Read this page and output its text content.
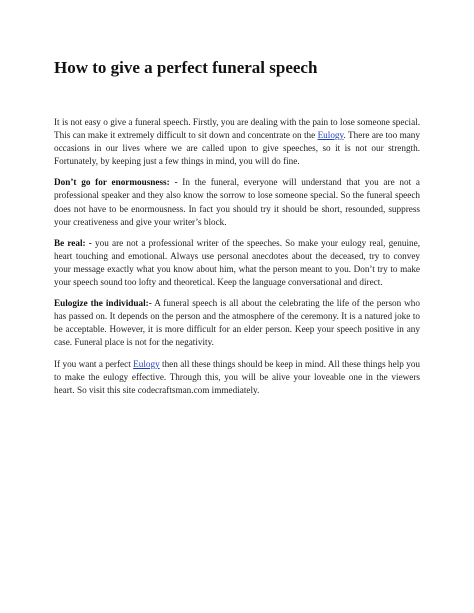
How to give a perfect funeral speech

It is not easy o give a funeral speech. Firstly, you are dealing with the pain to lose someone special. This can make it extremely difficult to sit down and concentrate on the Eulogy. There are too many occasions in our lives where we are called upon to give speeches, so it is not our strength. Fortunately, by keeping just a few things in mind, you will do fine.

Don’t go for enormousness: - In the funeral, everyone will understand that you are not a professional speaker and they also know the sorrow to lose someone special. So the funeral speech does not have to be enormousness. In fact you should try it should be short, resounded, suppress your creativeness and give your writer’s block.

Be real: - you are not a professional writer of the speeches. So make your eulogy real, genuine, heart touching and emotional. Always use personal anecdotes about the deceased, try to convey your message exactly what you know about him, what the person meant to you. Don’t try to make your speech sound too lofty and theoretical. Keep the language conversational and direct.

Eulogize the individual:- A funeral speech is all about the celebrating the life of the person who has passed on. It depends on the person and the atmosphere of the ceremony. It is a natured joke to be acceptable. However, it is more difficult for an elder person. Keep your speech positive in any case. Funeral place is not for the negativity.

If you want a perfect Eulogy then all these things should be keep in mind. All these things help you to make the eulogy effective. Through this, you will be alive your loveable one in the viewers heart. So visit this site codecraftsman.com immediately.
